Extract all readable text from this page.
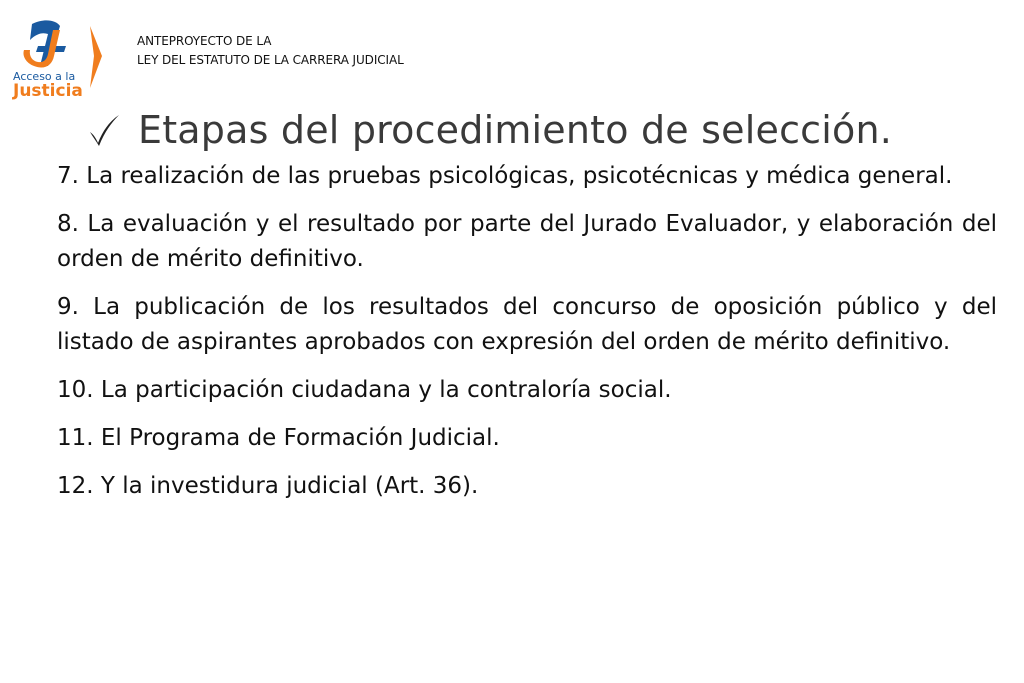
Acceso a la
Justicia
ANTEPROYECTO DE LA
LEY DEL ESTATUTO DE LA CARRERA JUDICIAL
Etapas del procedimiento de selección.

7. La realización de las pruebas psicológicas, psicotécnicas y médica general.

8. La evaluación y el resultado por parte del Jurado Evaluador, y elaboración del orden de mérito definitivo.

9. La publicación de los resultados del concurso de oposición público y del listado de aspirantes aprobados con expresión del orden de mérito definitivo.

10. La participación ciudadana y la contraloría social.

11. El Programa de Formación Judicial.

12. Y la investidura judicial (Art. 36).
